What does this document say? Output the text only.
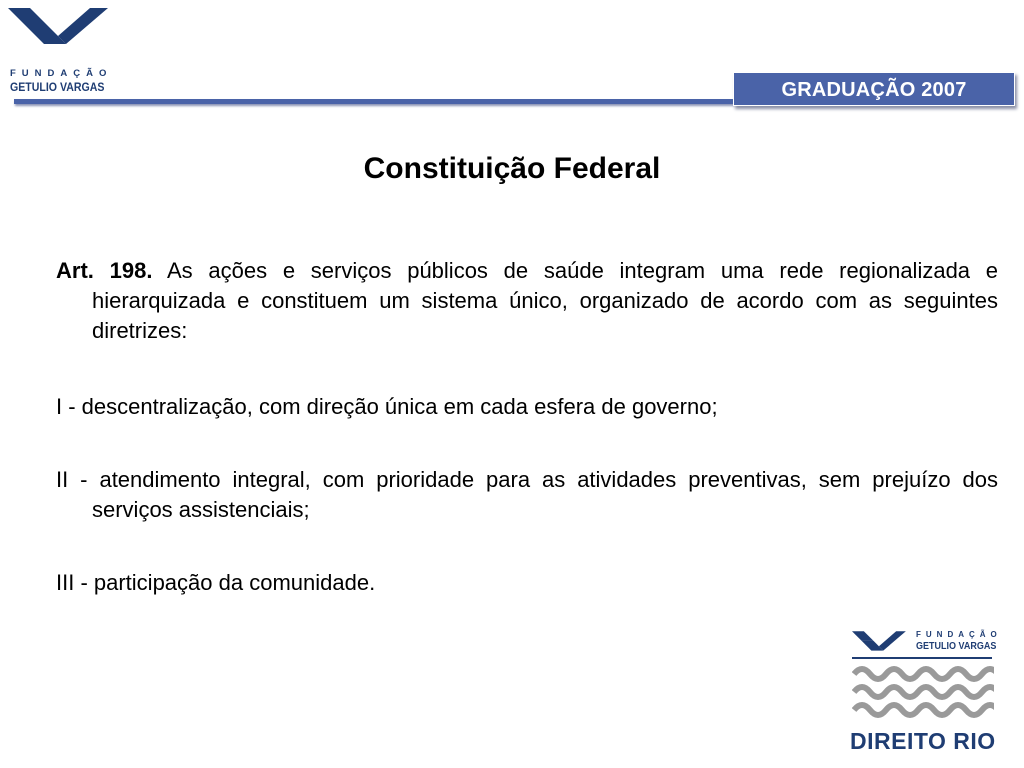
FUNDAÇÃO
GETULIO VARGAS	GRADUAÇÃO 2007
Constituição Federal

Art. 198. As ações e serviços públicos de saúde integram uma rede regionalizada e hierarquizada e constituem um sistema único, organizado de acordo com as seguintes diretrizes:

I - descentralização, com direção única em cada esfera de governo;

II - atendimento integral, com prioridade para as atividades preventivas, sem prejuízo dos serviços assistenciais;

III - participação da comunidade.

FUNDAÇÃO
GETULIO VARGAS
DIREITO RIO
